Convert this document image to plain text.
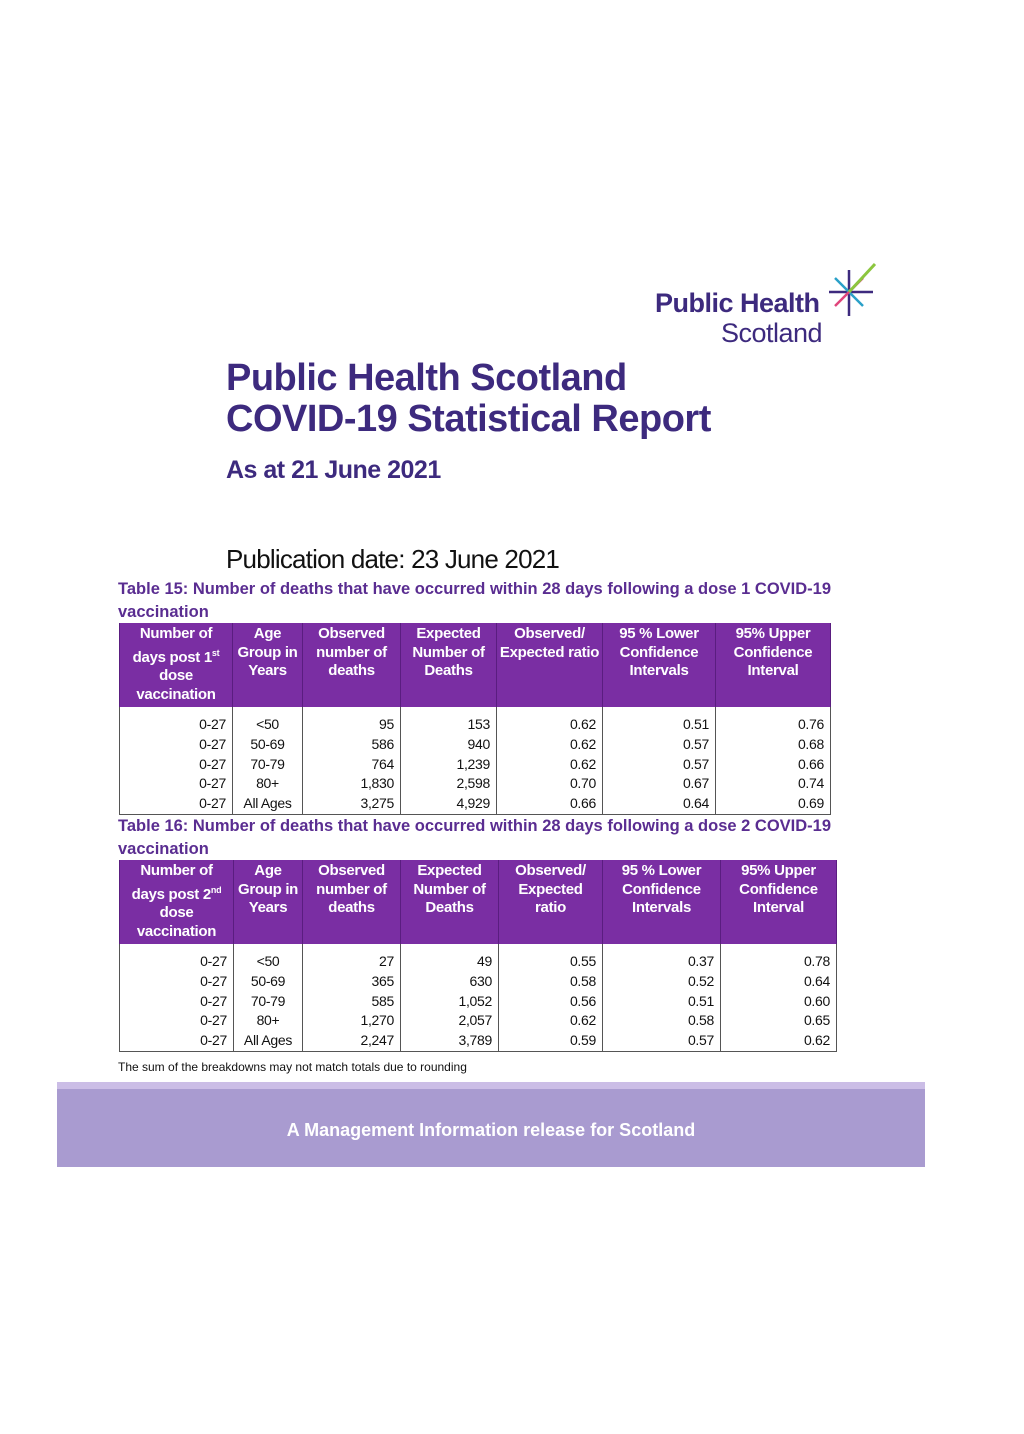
Public Health
Scotland
Public Health Scotland
COVID-19 Statistical Report
As at 21 June 2021
Publication date: 23 June 2021
Table 15: Number of deaths that have occurred within 28 days following a dose 1 COVID-19 vaccination
Number of days post 1st dose vaccination	Age Group in Years	Observed number of deaths	Expected Number of Deaths	Observed/ Expected ratio	95 % Lower Confidence Intervals	95% Upper Confidence Interval

0-27	<50	95	153	0.62	0.51	0.76
0-27	50-69	586	940	0.62	0.57	0.68
0-27	70-79	764	1,239	0.62	0.57	0.66
0-27	80+	1,830	2,598	0.70	0.67	0.74
0-27	All Ages	3,275	4,929	0.66	0.64	0.69
Table 16: Number of deaths that have occurred within 28 days following a dose 2 COVID-19 vaccination
Number of days post 2nd dose vaccination	Age Group in Years	Observed number of deaths	Expected Number of Deaths	Observed/ Expected ratio	95 % Lower Confidence Intervals	95% Upper Confidence Interval

0-27	<50	27	49	0.55	0.37	0.78
0-27	50-69	365	630	0.58	0.52	0.64
0-27	70-79	585	1,052	0.56	0.51	0.60
0-27	80+	1,270	2,057	0.62	0.58	0.65
0-27	All Ages	2,247	3,789	0.59	0.57	0.62
The sum of the breakdowns may not match totals due to rounding
A Management Information release for Scotland
